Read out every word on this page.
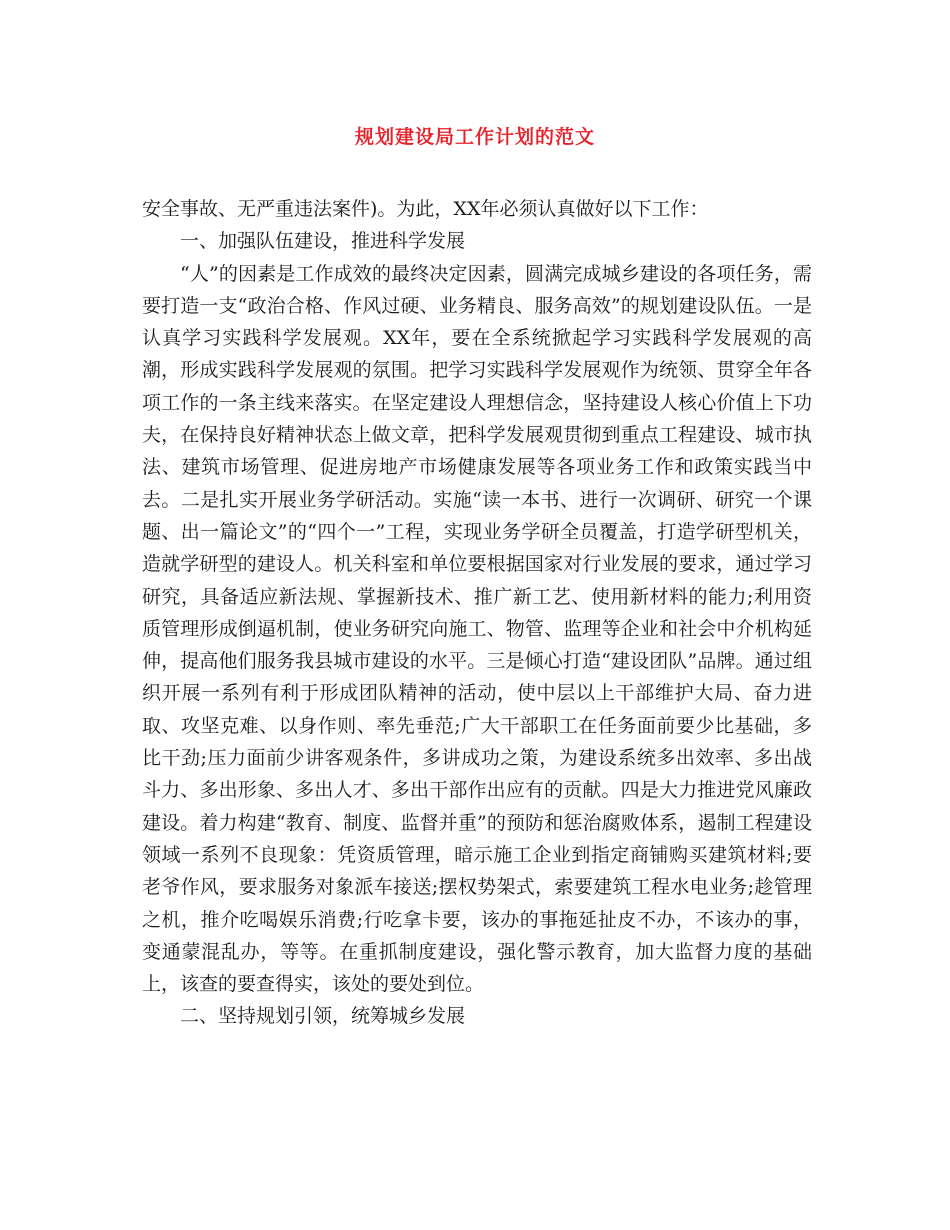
规划建设局工作计划的范文

安全事故、无严重违法案件)。为此，XX年必须认真做好以下工作：

一、加强队伍建设，推进科学发展

“人”的因素是工作成效的最终决定因素，圆满完成城乡建设的各项任务，需要打造一支“政治合格、作风过硬、业务精良、服务高效”的规划建设队伍。一是认真学习实践科学发展观。XX年，要在全系统掀起学习实践科学发展观的高潮，形成实践科学发展观的氛围。把学习实践科学发展观作为统领、贯穿全年各项工作的一条主线来落实。在坚定建设人理想信念，坚持建设人核心价值上下功夫，在保持良好精神状态上做文章，把科学发展观贯彻到重点工程建设、城市执法、建筑市场管理、促进房地产市场健康发展等各项业务工作和政策实践当中去。二是扎实开展业务学研活动。实施“读一本书、进行一次调研、研究一个课题、出一篇论文”的“四个一”工程，实现业务学研全员覆盖，打造学研型机关，造就学研型的建设人。机关科室和单位要根据国家对行业发展的要求，通过学习研究，具备适应新法规、掌握新技术、推广新工艺、使用新材料的能力;利用资质管理形成倒逼机制，使业务研究向施工、物管、监理等企业和社会中介机构延伸，提高他们服务我县城市建设的水平。三是倾心打造“建设团队”品牌。通过组织开展一系列有利于形成团队精神的活动，使中层以上干部维护大局、奋力进取、攻坚克难、以身作则、率先垂范;广大干部职工在任务面前要少比基础，多比干劲;压力面前少讲客观条件，多讲成功之策，为建设系统多出效率、多出战斗力、多出形象、多出人才、多出干部作出应有的贡献。四是大力推进党风廉政建设。着力构建“教育、制度、监督并重”的预防和惩治腐败体系，遏制工程建设领域一系列不良现象：凭资质管理，暗示施工企业到指定商铺购买建筑材料;要老爷作风，要求服务对象派车接送;摆权势架式，索要建筑工程水电业务;趁管理之机，推介吃喝娱乐消费;行吃拿卡要，该办的事拖延扯皮不办，不该办的事，变通蒙混乱办，等等。在重抓制度建设，强化警示教育，加大监督力度的基础上，该查的要查得实，该处的要处到位。

二、坚持规划引领，统筹城乡发展
